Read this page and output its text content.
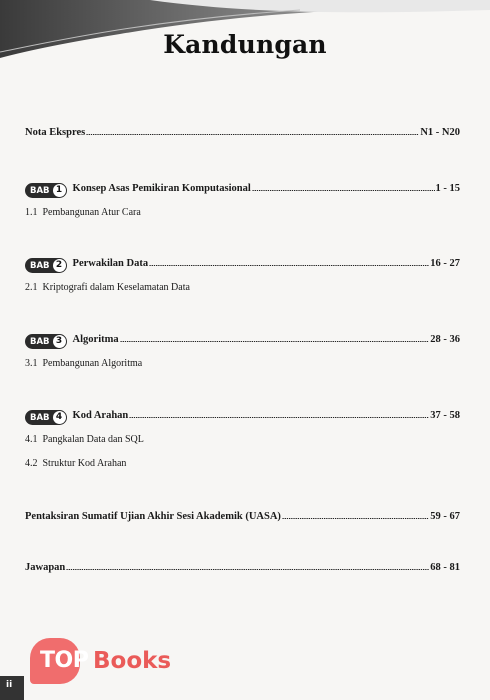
Kandungan
Nota Ekspres	N1 - N20
BAB 1 Konsep Asas Pemikiran Komputasional	1 - 15
1.1 Pembangunan Atur Cara
BAB 2 Perwakilan Data	16 - 27
2.1 Kriptografi dalam Keselamatan Data
BAB 3 Algoritma	28 - 36
3.1 Pembangunan Algoritma
BAB 4 Kod Arahan	37 - 58
4.1 Pangkalan Data dan SQL
4.2 Struktur Kod Arahan
Pentaksiran Sumatif Ujian Akhir Sesi Akademik (UASA)	59 - 67
Jawapan	68 - 81
TOP Books
ii
